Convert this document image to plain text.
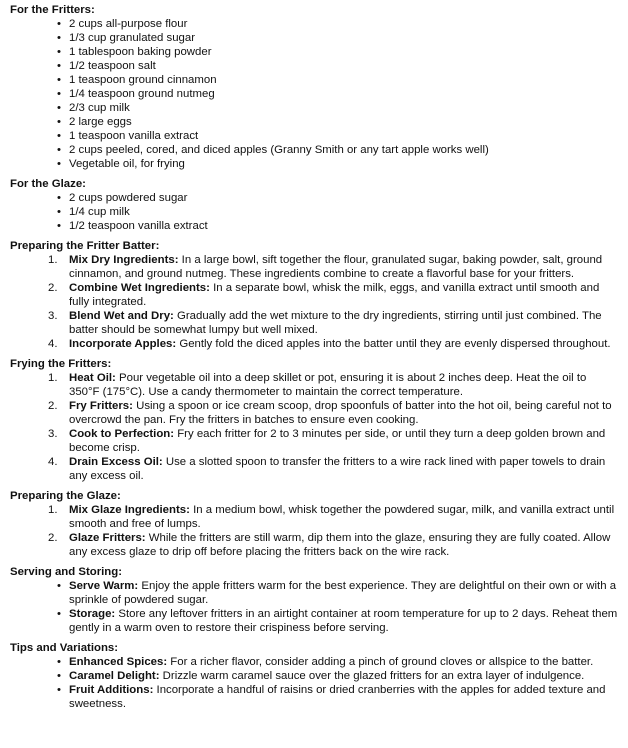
For the Fritters:
• 2 cups all-purpose flour
• 1/3 cup granulated sugar
• 1 tablespoon baking powder
• 1/2 teaspoon salt
• 1 teaspoon ground cinnamon
• 1/4 teaspoon ground nutmeg
• 2/3 cup milk
• 2 large eggs
• 1 teaspoon vanilla extract
• 2 cups peeled, cored, and diced apples (Granny Smith or any tart apple works well)
• Vegetable oil, for frying
For the Glaze:
• 2 cups powdered sugar
• 1/4 cup milk
• 1/2 teaspoon vanilla extract
Preparing the Fritter Batter:
1. Mix Dry Ingredients: In a large bowl, sift together the flour, granulated sugar, baking powder, salt, ground cinnamon, and ground nutmeg. These ingredients combine to create a flavorful base for your fritters.
2. Combine Wet Ingredients: In a separate bowl, whisk the milk, eggs, and vanilla extract until smooth and fully integrated.
3. Blend Wet and Dry: Gradually add the wet mixture to the dry ingredients, stirring until just combined. The batter should be somewhat lumpy but well mixed.
4. Incorporate Apples: Gently fold the diced apples into the batter until they are evenly dispersed throughout.
Frying the Fritters:
1. Heat Oil: Pour vegetable oil into a deep skillet or pot, ensuring it is about 2 inches deep. Heat the oil to 350°F (175°C). Use a candy thermometer to maintain the correct temperature.
2. Fry Fritters: Using a spoon or ice cream scoop, drop spoonfuls of batter into the hot oil, being careful not to overcrowd the pan. Fry the fritters in batches to ensure even cooking.
3. Cook to Perfection: Fry each fritter for 2 to 3 minutes per side, or until they turn a deep golden brown and become crisp.
4. Drain Excess Oil: Use a slotted spoon to transfer the fritters to a wire rack lined with paper towels to drain any excess oil.
Preparing the Glaze:
1. Mix Glaze Ingredients: In a medium bowl, whisk together the powdered sugar, milk, and vanilla extract until smooth and free of lumps.
2. Glaze Fritters: While the fritters are still warm, dip them into the glaze, ensuring they are fully coated. Allow any excess glaze to drip off before placing the fritters back on the wire rack.
Serving and Storing:
• Serve Warm: Enjoy the apple fritters warm for the best experience. They are delightful on their own or with a sprinkle of powdered sugar.
• Storage: Store any leftover fritters in an airtight container at room temperature for up to 2 days. Reheat them gently in a warm oven to restore their crispiness before serving.
Tips and Variations:
• Enhanced Spices: For a richer flavor, consider adding a pinch of ground cloves or allspice to the batter.
• Caramel Delight: Drizzle warm caramel sauce over the glazed fritters for an extra layer of indulgence.
• Fruit Additions: Incorporate a handful of raisins or dried cranberries with the apples for added texture and sweetness.
